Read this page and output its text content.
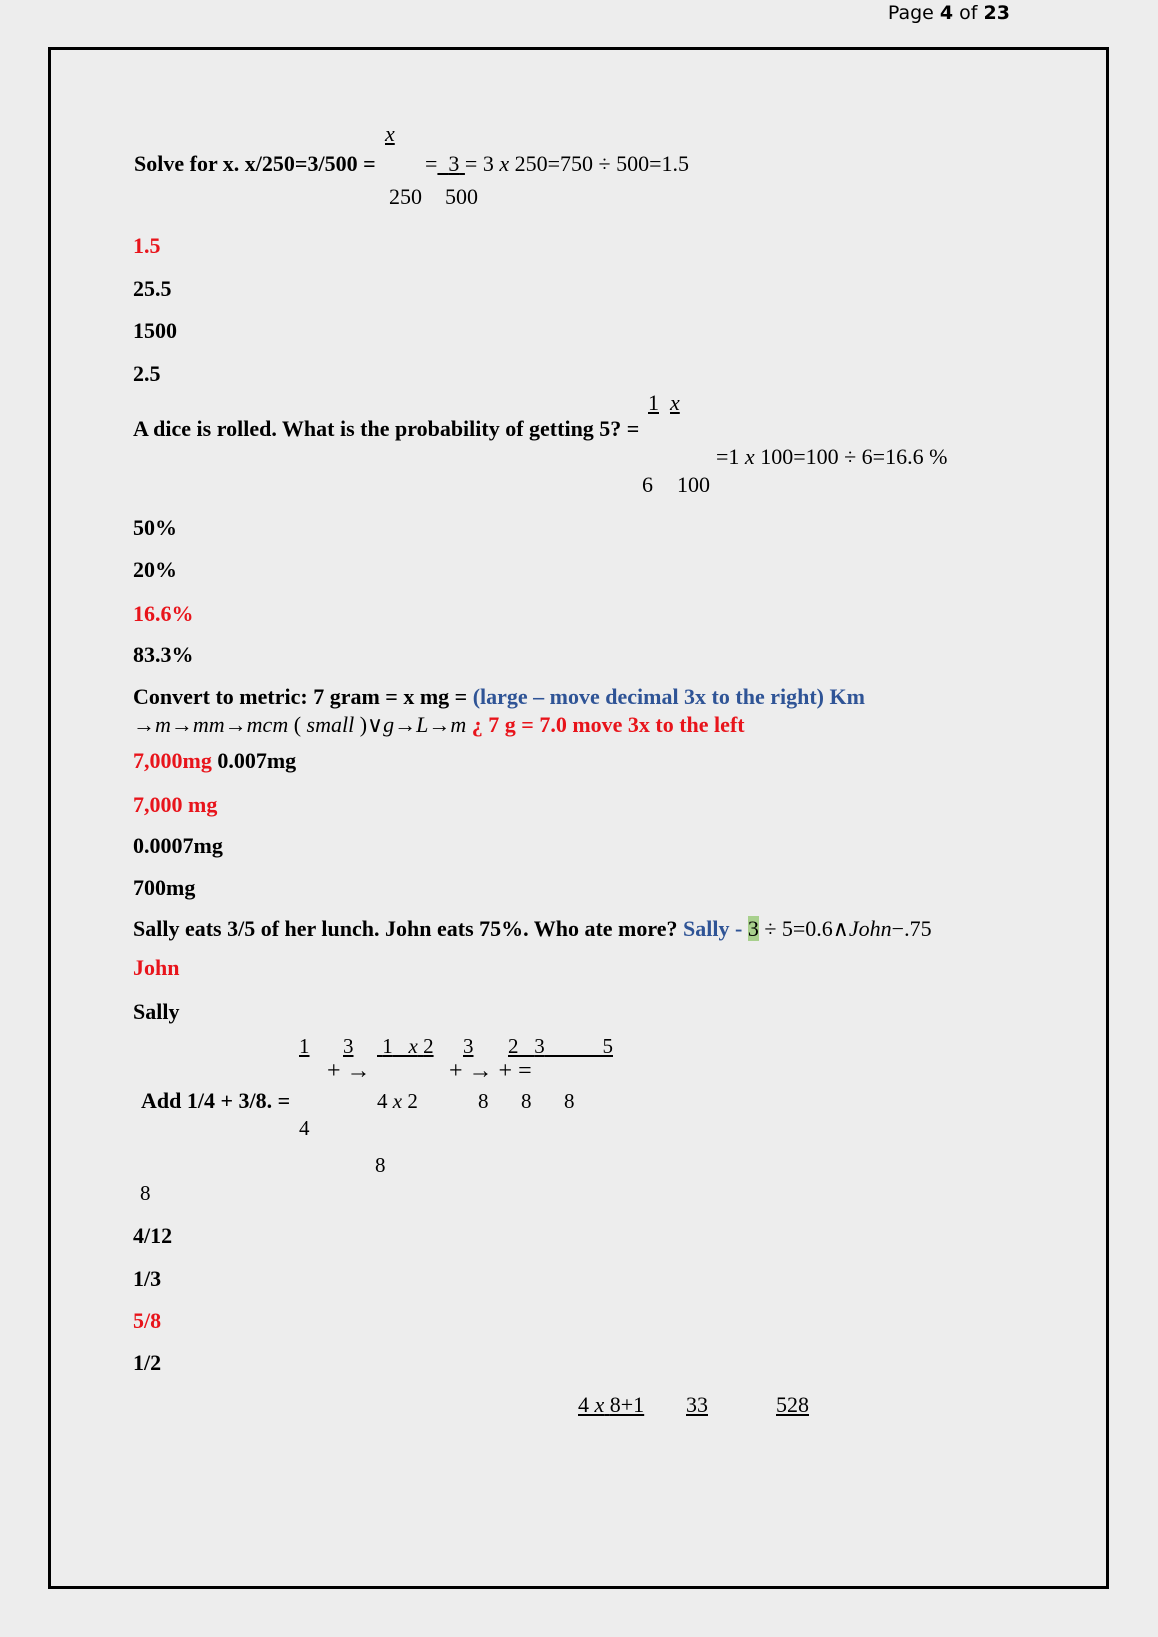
Page 4 of 23
x
Solve for x. x/250=3/500 = = 3 = 3 x 250=750 ÷ 500=1.5
250 500
1.5
25.5
1500
2.5
1 x
A dice is rolled. What is the probability of getting 5? =
=1 x 100=100 ÷ 6=16.6 %
6 100
50%
20%
16.6%
83.3%
Convert to metric: 7 gram = x mg = (large – move decimal 3x to the right) Km
→m→mm→mcm ( small )∨g→L→m ¿ 7 g = 7.0 move 3x to the left
7,000mg 0.007mg
7,000 mg
0.0007mg
700mg
Sally eats 3/5 of her lunch. John eats 75%. Who ate more? Sally - 3 ÷ 5=0.6∧John−.75
John
Sally
1 3 1 x 2 3 2 3	5
+ →	+ → + =
Add 1/4 + 3/8. =	4 x 2	8 8 8
4
8
8
4/12
1/3
5/8
1/2
4 x 8+1 33	528
